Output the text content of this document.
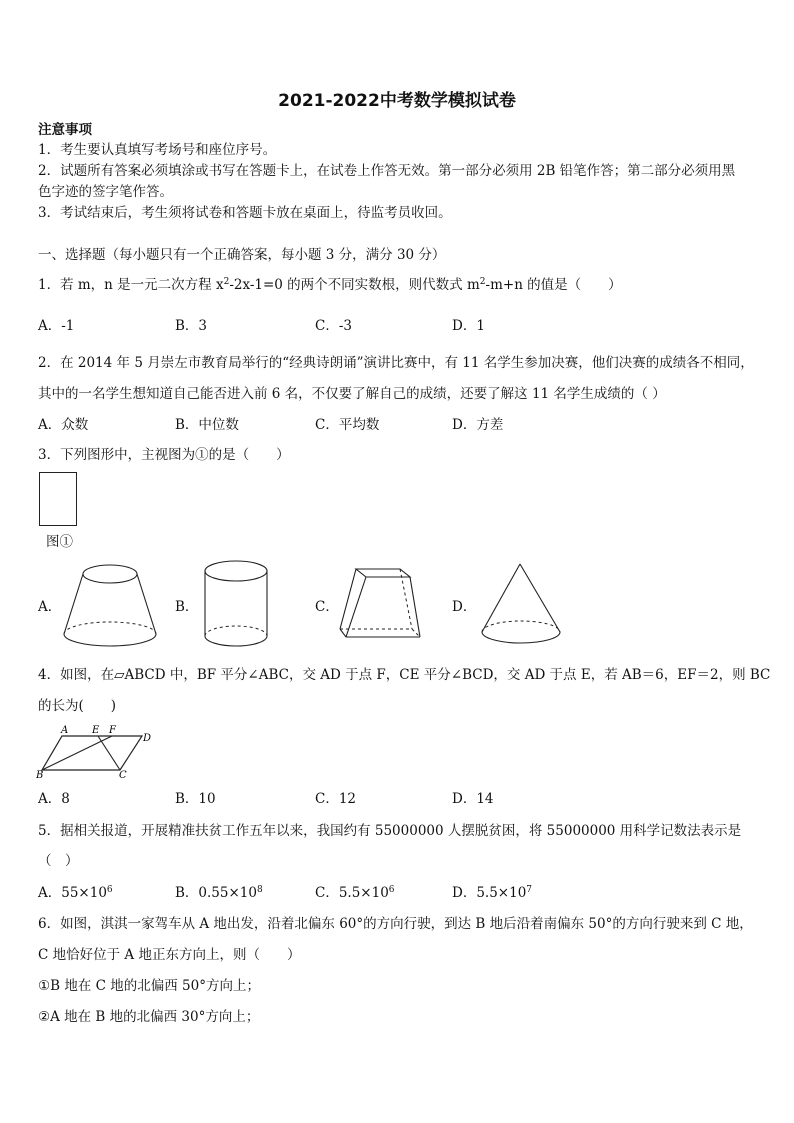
2021-2022中考数学模拟试卷
注意事项
1．考生要认真填写考场号和座位序号。
2．试题所有答案必须填涂或书写在答题卡上，在试卷上作答无效。第一部分必须用 2B 铅笔作答；第二部分必须用黑
色字迹的签字笔作答。
3．考试结束后，考生须将试卷和答题卡放在桌面上，待监考员收回。
一、选择题（每小题只有一个正确答案，每小题 3 分，满分 30 分）
1．若 m，n 是一元二次方程 $x^2-2x-1=0$ 的两个不同实数根，则代数式 $m^2-m+n$ 的值是（　　）
A．-1	B．3	C．-3	D．1
2．在 2014 年 5 月崇左市教育局举行的“经典诗朗诵”演讲比赛中，有 11 名学生参加决赛，他们决赛的成绩各不相同，
其中的一名学生想知道自己能否进入前 6 名，不仅要了解自己的成绩，还要了解这 11 名学生成绩的（ ）
A．众数	B．中位数	C．平均数	D．方差
3．下列图形中，主视图为①的是（　　）
图①
A．	B．	C．	D．
4．如图，在▱ABCD 中，BF 平分∠ABC，交 AD 于点 F，CE 平分∠BCD，交 AD 于点 E，若 AB＝6，EF＝2，则 BC
的长为(　　)
A E F
D
B	C
A．8	B．10	C．12	D．14
5．据相关报道，开展精准扶贫工作五年以来，我国约有 55000000 人摆脱贫困，将 55000000 用科学记数法表示是
（　）
A．$55\times 10^6$	B．$0.55\times 10^8$	C．$5.5\times 10^6$	D．$5.5\times 10^7$
6．如图，淇淇一家驾车从 A 地出发，沿着北偏东 60°的方向行驶，到达 B 地后沿着南偏东 50°的方向行驶来到 C 地，
C 地恰好位于 A 地正东方向上，则（　　）
①B 地在 C 地的北偏西 50°方向上；
②A 地在 B 地的北偏西 30°方向上；
